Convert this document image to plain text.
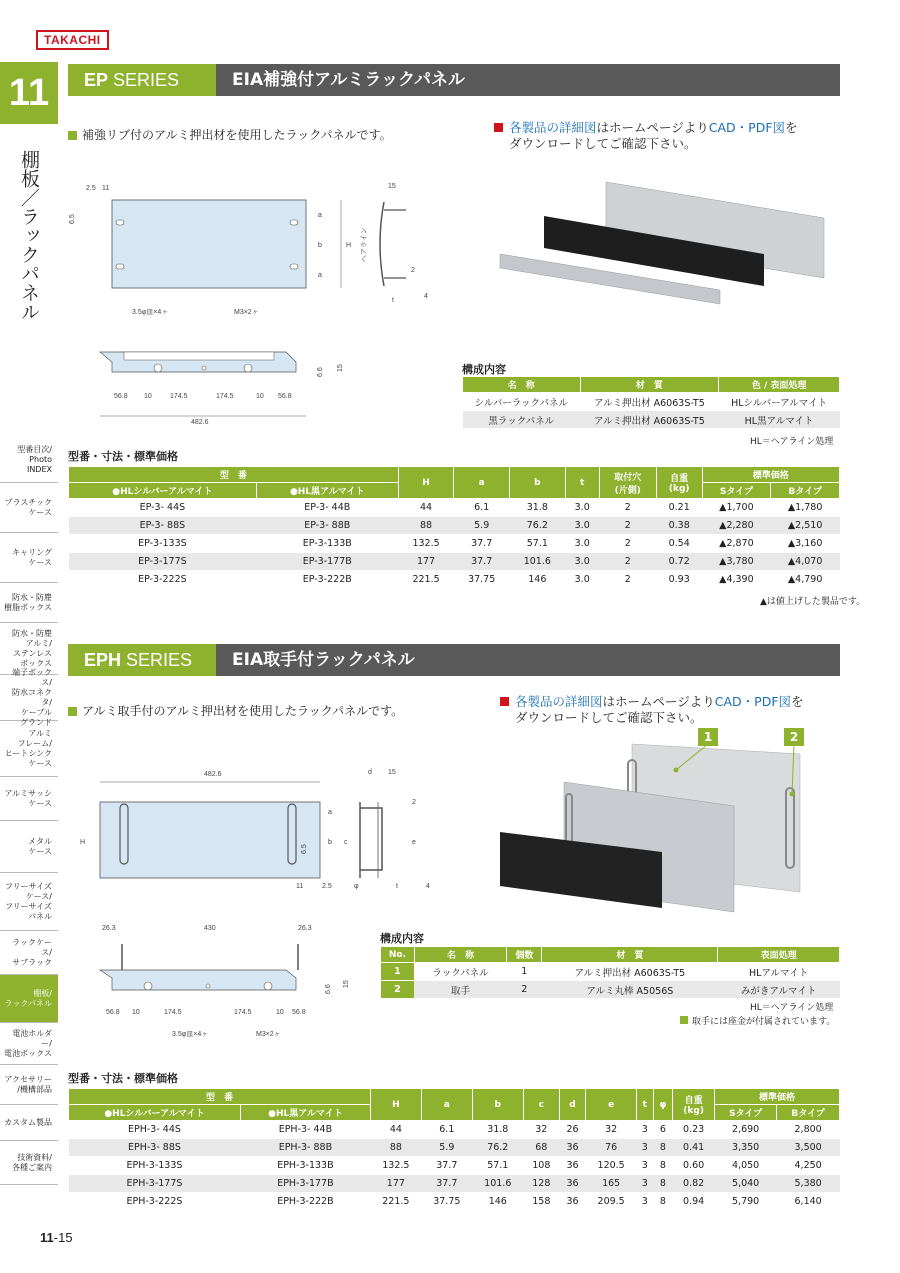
TAKACHI
11
棚板／ラックパネル
型番目次/
Photo
INDEX
プラスチック
ケース
キャリング
ケース
防水・防塵
樹脂ボックス
防水・防塵
アルミ/
ステンレス
ボックス
端子ボックス/
防水コネクタ/
ケーブル
グランド
アルミ
フレーム/
ヒートシンク
ケース
アルミサッシ
ケース
メタル
ケース
フリーサイズ
ケース/
フリーサイズ
パネル
ラックケース/
サブラック
棚板/
ラックパネル
電池ホルダー/
電池ボックス
アクセサリー
/機構部品
カスタム製品
技術資料/
各種ご案内
EP SERIES	EIA補強付アルミラックパネル
補強リブ付のアルミ押出材を使用したラックパネルです。	各製品の詳細図はホームページよりCAD・PDF図を
ダウンロードしてご確認下さい。
2.5 11
6.5	a
b
a
H ヘアライン
15
2
4
t
3.5φ皿×4ヶ	M3×2ヶ
56.8 10	174.5	174.5	10 56.8
482.6
6.6 15	構成内容
名　称	材　質	色 / 表面処理
シルバーラックパネル	アルミ押出材 A6063S-T5	HLシルバーアルマイト
黒ラックパネル	アルミ押出材 A6063S-T5	HL黒アルマイト
HL＝ヘアライン処理
型番・寸法・標準価格
型　番		H	a	b	t	取付穴
(片側)	自重
(kg)	標準価格	
●HLシルバーアルマイト	●HL黒アルマイト							Sタイプ	Bタイプ
EP-3- 44S	EP-3- 44B	44	6.1	31.8	3.0	2	0.21	▲1,700	▲1,780
EP-3- 88S	EP-3- 88B	88	5.9	76.2	3.0	2	0.38	▲2,280	▲2,510
EP-3-133S	EP-3-133B	132.5	37.7	57.1	3.0	2	0.54	▲2,870	▲3,160
EP-3-177S	EP-3-177B	177	37.7	101.6	3.0	2	0.72	▲3,780	▲4,070
EP-3-222S	EP-3-222B	221.5	37.75	146	3.0	2	0.93	▲4,390	▲4,790
▲は値上げした製品です。
EPH SERIES	EIA取手付ラックパネル
アルミ取手付のアルミ押出材を使用したラックパネルです。
各製品の詳細図はホームページよりCAD・PDF図を
ダウンロードしてご確認下さい。
482.6
H
a
b
6.5
11	2.5
d 15
c	e
2
φ	t	4
26.3	430	26.3
56.8 10	174.5	174.5	10 56.8
6.6
15
3.5φ皿×4ヶ	M3×2ヶ
1	2
構成内容
No.	名　称	個数	材　質	表面処理
1	ラックパネル	1	アルミ押出材 A6063S-T5	HLアルマイト
2	取手	2	アルミ丸棒 A5056S	みがきアルマイト
HL＝ヘアライン処理
取手には座金が付属されています。
型番・寸法・標準価格
型　番		H	a	b	c	d	e	t	φ	自重
(kg)	標準価格	
●HLシルバーアルマイト	●HL黒アルマイト										Sタイプ	Bタイプ
EPH-3- 44S	EPH-3- 44B	44	6.1	31.8	32	26	32	3	6	0.23	2,690	2,800
EPH-3- 88S	EPH-3- 88B	88	5.9	76.2	68	36	76	3	8	0.41	3,350	3,500
EPH-3-133S	EPH-3-133B	132.5	37.7	57.1	108	36	120.5	3	8	0.60	4,050	4,250
EPH-3-177S	EPH-3-177B	177	37.7	101.6	128	36	165	3	8	0.82	5,040	5,380
EPH-3-222S	EPH-3-222B	221.5	37.75	146	158	36	209.5	3	8	0.94	5,790	6,140
11-15
